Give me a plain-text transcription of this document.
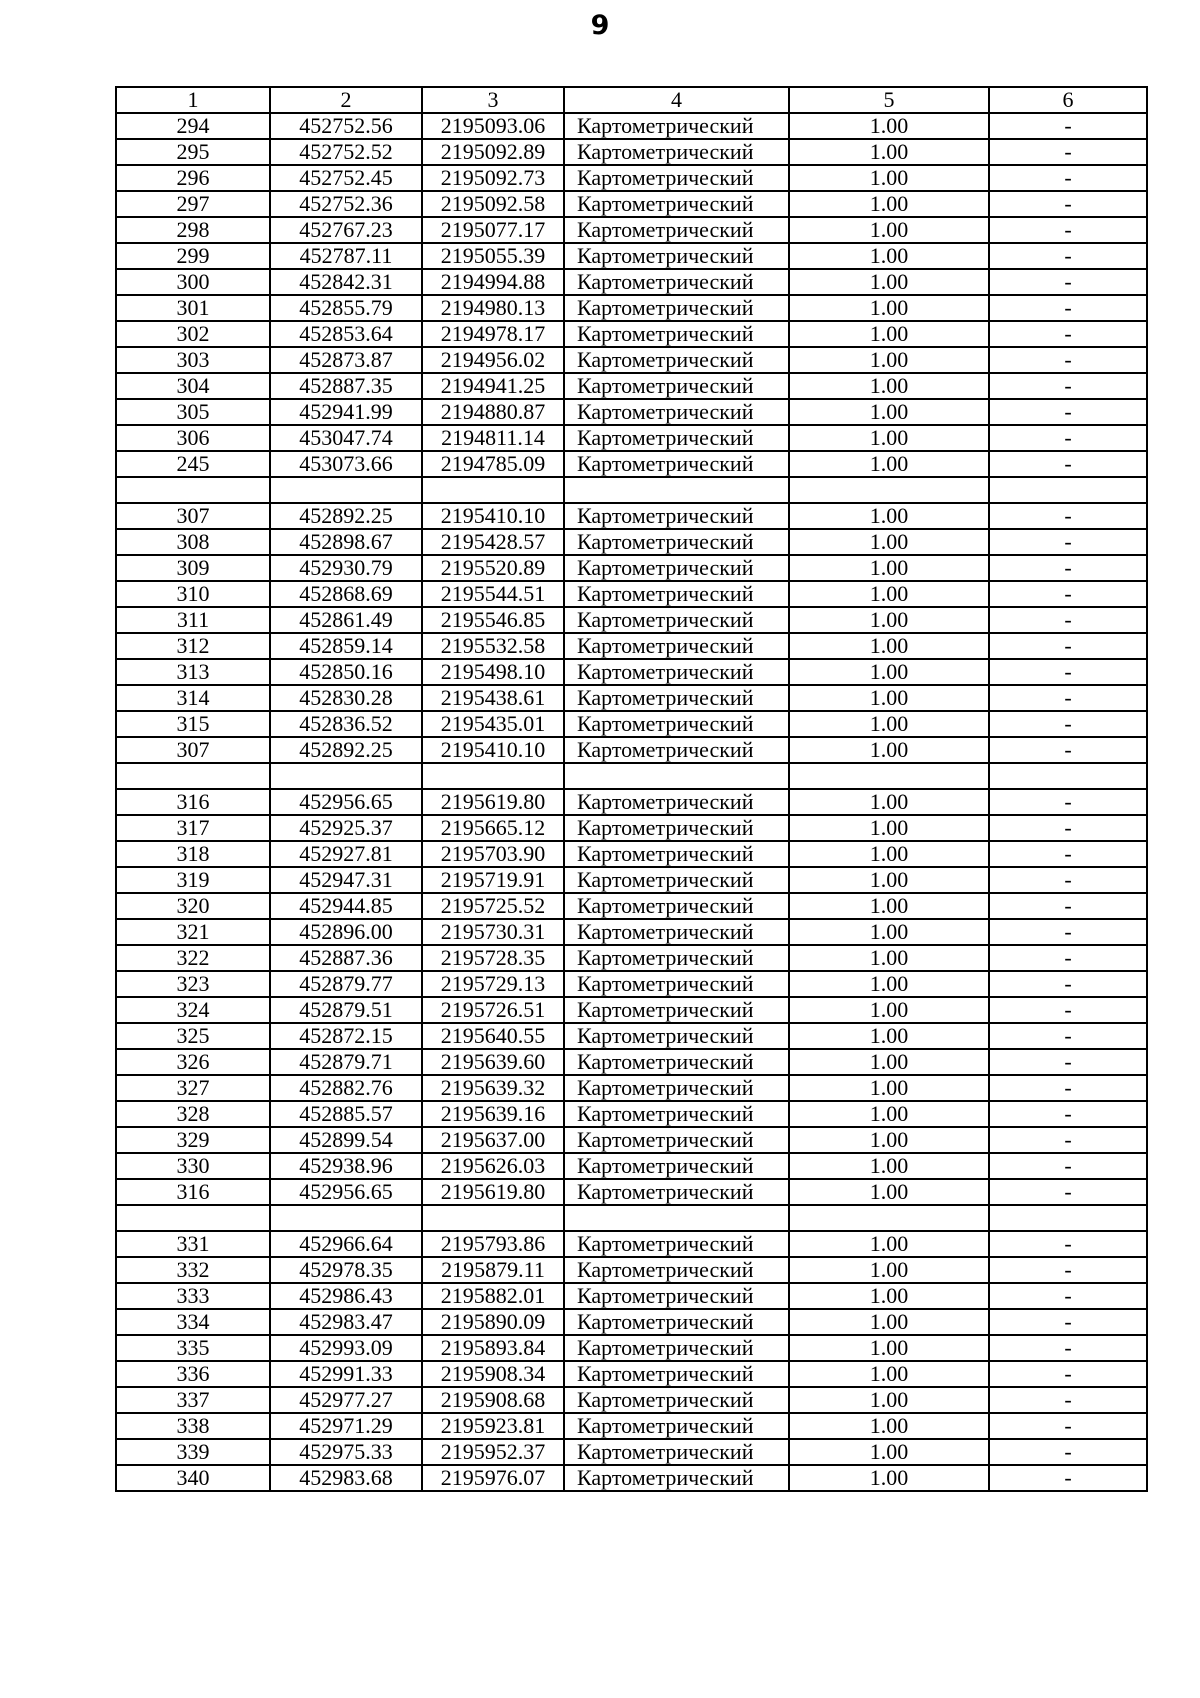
9
1	2	3	4	5	6
294	452752.56	2195093.06	Картометрический	1.00	-
295	452752.52	2195092.89	Картометрический	1.00	-
296	452752.45	2195092.73	Картометрический	1.00	-
297	452752.36	2195092.58	Картометрический	1.00	-
298	452767.23	2195077.17	Картометрический	1.00	-
299	452787.11	2195055.39	Картометрический	1.00	-
300	452842.31	2194994.88	Картометрический	1.00	-
301	452855.79	2194980.13	Картометрический	1.00	-
302	452853.64	2194978.17	Картометрический	1.00	-
303	452873.87	2194956.02	Картометрический	1.00	-
304	452887.35	2194941.25	Картометрический	1.00	-
305	452941.99	2194880.87	Картометрический	1.00	-
306	453047.74	2194811.14	Картометрический	1.00	-
245	453073.66	2194785.09	Картометрический	1.00	-

307	452892.25	2195410.10	Картометрический	1.00	-
308	452898.67	2195428.57	Картометрический	1.00	-
309	452930.79	2195520.89	Картометрический	1.00	-
310	452868.69	2195544.51	Картометрический	1.00	-
311	452861.49	2195546.85	Картометрический	1.00	-
312	452859.14	2195532.58	Картометрический	1.00	-
313	452850.16	2195498.10	Картометрический	1.00	-
314	452830.28	2195438.61	Картометрический	1.00	-
315	452836.52	2195435.01	Картометрический	1.00	-
307	452892.25	2195410.10	Картометрический	1.00	-

316	452956.65	2195619.80	Картометрический	1.00	-
317	452925.37	2195665.12	Картометрический	1.00	-
318	452927.81	2195703.90	Картометрический	1.00	-
319	452947.31	2195719.91	Картометрический	1.00	-
320	452944.85	2195725.52	Картометрический	1.00	-
321	452896.00	2195730.31	Картометрический	1.00	-
322	452887.36	2195728.35	Картометрический	1.00	-
323	452879.77	2195729.13	Картометрический	1.00	-
324	452879.51	2195726.51	Картометрический	1.00	-
325	452872.15	2195640.55	Картометрический	1.00	-
326	452879.71	2195639.60	Картометрический	1.00	-
327	452882.76	2195639.32	Картометрический	1.00	-
328	452885.57	2195639.16	Картометрический	1.00	-
329	452899.54	2195637.00	Картометрический	1.00	-
330	452938.96	2195626.03	Картометрический	1.00	-
316	452956.65	2195619.80	Картометрический	1.00	-

331	452966.64	2195793.86	Картометрический	1.00	-
332	452978.35	2195879.11	Картометрический	1.00	-
333	452986.43	2195882.01	Картометрический	1.00	-
334	452983.47	2195890.09	Картометрический	1.00	-
335	452993.09	2195893.84	Картометрический	1.00	-
336	452991.33	2195908.34	Картометрический	1.00	-
337	452977.27	2195908.68	Картометрический	1.00	-
338	452971.29	2195923.81	Картометрический	1.00	-
339	452975.33	2195952.37	Картометрический	1.00	-
340	452983.68	2195976.07	Картометрический	1.00	-
